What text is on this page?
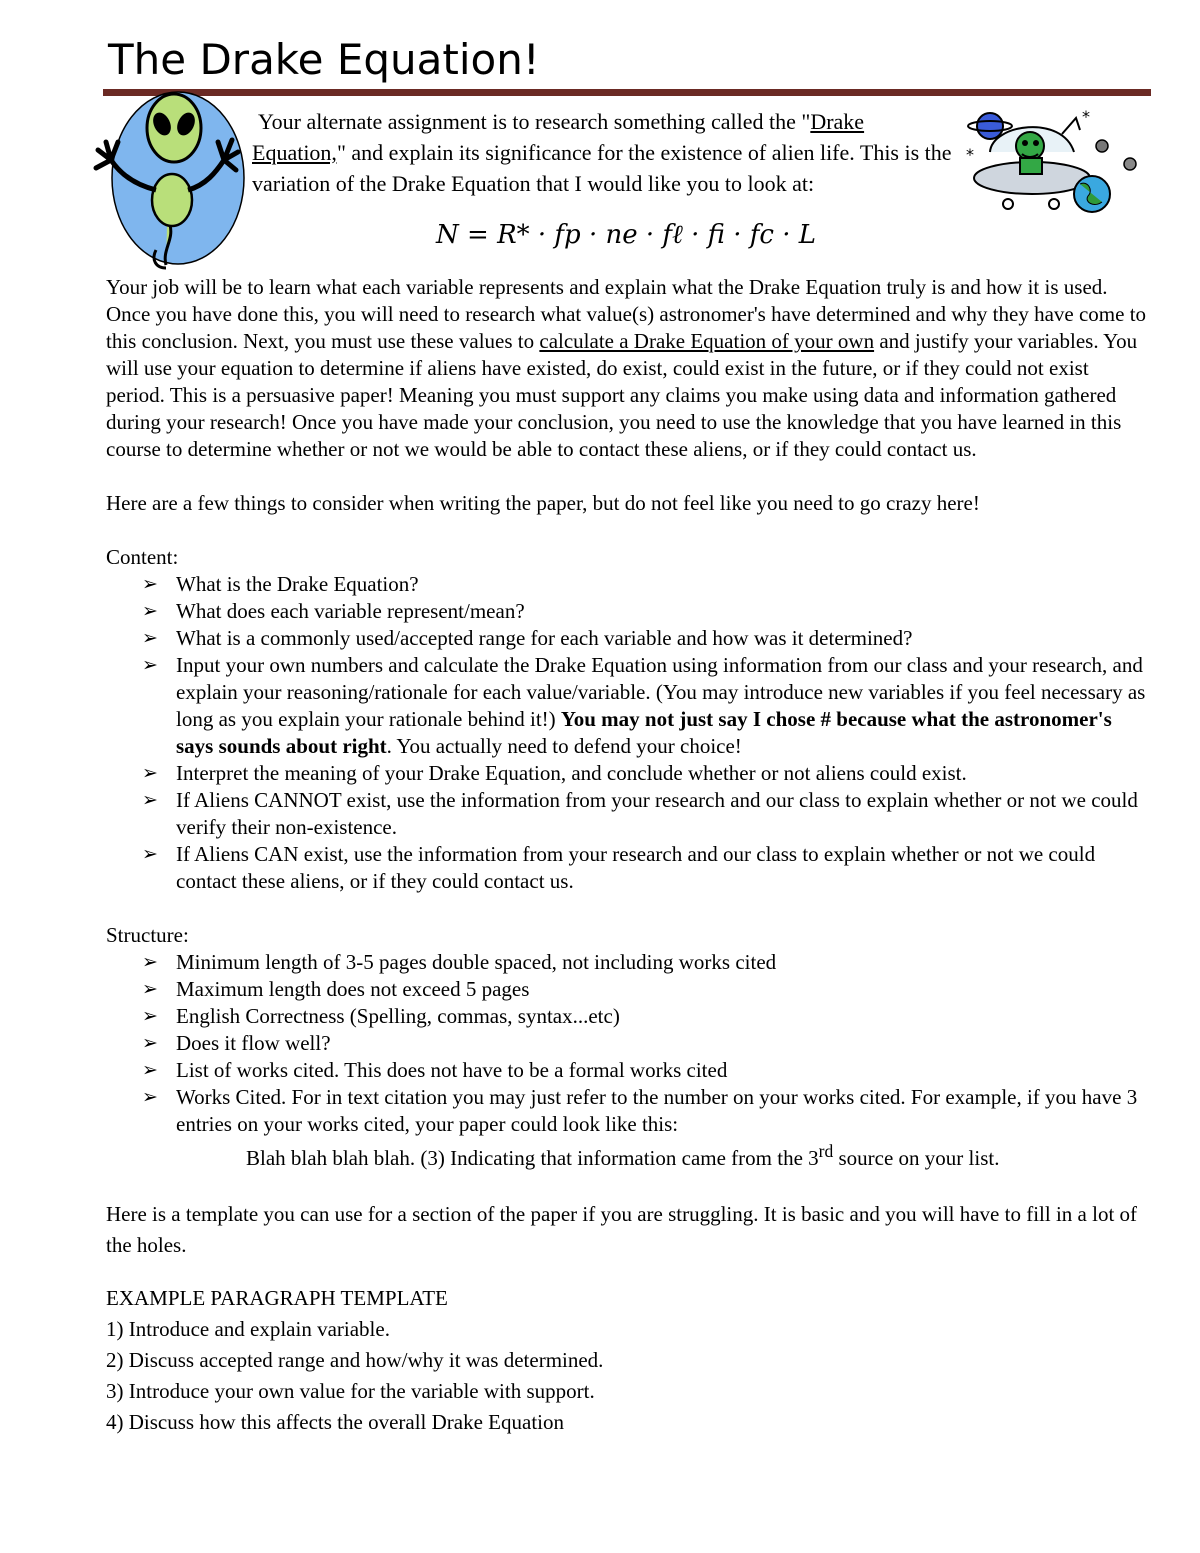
The Drake Equation!
*
*

Your alternate assignment is to research something called the "Drake Equation," and explain its significance for the existence of alien life. This is the variation of the Drake Equation that I would like you to look at:

N = R* · fp · ne · fℓ · fi · fc · L

Your job will be to learn what each variable represents and explain what the Drake Equation truly is and how it is used. Once you have done this, you will need to research what value(s) astronomer's have determined and why they have come to this conclusion. Next, you must use these values to calculate a Drake Equation of your own and justify your variables. You will use your equation to determine if aliens have existed, do exist, could exist in the future, or if they could not exist period. This is a persuasive paper! Meaning you must support any claims you make using data and information gathered during your research! Once you have made your conclusion, you need to use the knowledge that you have learned in this course to determine whether or not we would be able to contact these aliens, or if they could contact us.

Here are a few things to consider when writing the paper, but do not feel like you need to go crazy here!

Content:

➢ What is the Drake Equation?
➢ What does each variable represent/mean?
➢ What is a commonly used/accepted range for each variable and how was it determined?
➢ Input your own numbers and calculate the Drake Equation using information from our class and your research, and explain your reasoning/rationale for each value/variable. (You may introduce new variables if you feel necessary as long as you explain your rationale behind it!) You may not just say I chose # because what the astronomer's says sounds about right. You actually need to defend your choice!
➢ Interpret the meaning of your Drake Equation, and conclude whether or not aliens could exist.
➢ If Aliens CANNOT exist, use the information from your research and our class to explain whether or not we could verify their non-existence.
➢ If Aliens CAN exist, use the information from your research and our class to explain whether or not we could contact these aliens, or if they could contact us.

Structure:

➢ Minimum length of 3-5 pages double spaced, not including works cited
➢ Maximum length does not exceed 5 pages
➢ English Correctness (Spelling, commas, syntax...etc)
➢ Does it flow well?
➢ List of works cited. This does not have to be a formal works cited
➢ Works Cited. For in text citation you may just refer to the number on your works cited. For example, if you have 3 entries on your works cited, your paper could look like this:

Blah blah blah blah. (3) Indicating that information came from the 3rd source on your list.

Here is a template you can use for a section of the paper if you are struggling. It is basic and you will have to fill in a lot of the holes.

EXAMPLE PARAGRAPH TEMPLATE

1) Introduce and explain variable.

2) Discuss accepted range and how/why it was determined.

3) Introduce your own value for the variable with support.

4) Discuss how this affects the overall Drake Equation
